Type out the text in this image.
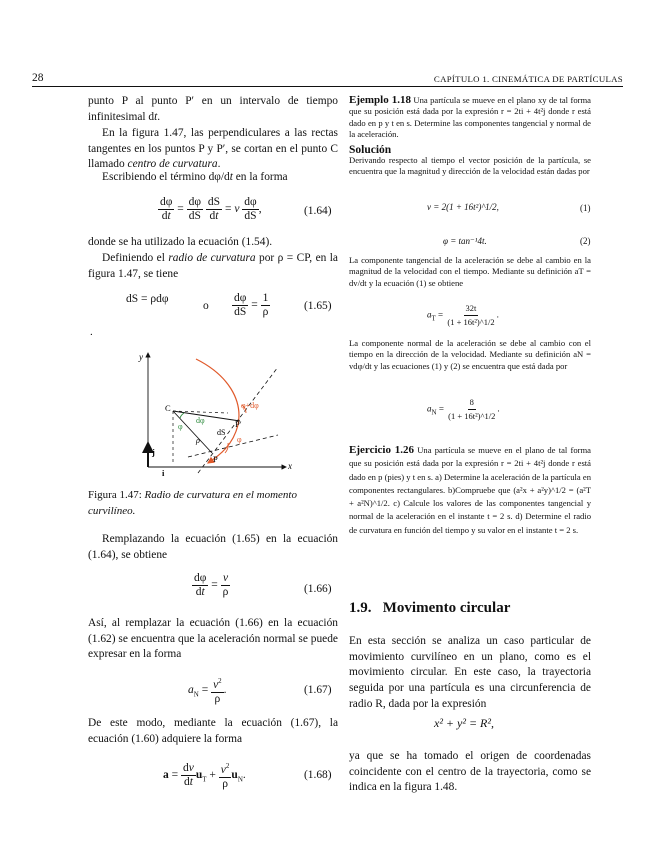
28	CAPÍTULO 1. CINEMÁTICA DE PARTÍCULAS
punto P al punto P′ en un intervalo de tiempo infinitesimal dt.
En la figura 1.47, las perpendiculares a las rectas tangentes en los puntos P y P′, se cortan en el punto C llamado centro de curvatura.
Escribiendo el término dφ/dt en la forma
$\frac{d\varphi}{dt} = \frac{d\varphi}{dS}$
$\frac{dS}{dt} = v \frac{d\varphi}{dS}$ ,	(1.64)
donde se ha utilizado la ecuación (1.54).
Definiendo el radio de curvatura por ρ = CP, en la figura 1.47, se tiene
dS = ρdφ
o $\frac{d\varphi}{dS} = \frac{1}{\rho}$	(1.65)
.
y
x
C
P
P′
φ
dφ
ρ
dS
φ
φ+dφ
j
i
Figura 1.47: Radio de curvatura en el momento curvilíneo.
Remplazando la ecuación (1.65) en la ecuación (1.64), se obtiene
$\frac{d\varphi}{dt} = \frac{v}{\rho}$	(1.66)
Así, al remplazar la ecuación (1.66) en la ecuación (1.62) se encuentra que la aceleración normal se puede expresar en la forma
$a_N = \frac{v^2}{\rho}$ .	(1.67)
De este modo, mediante la ecuación (1.67), la ecuación (1.60) adquiere la forma
$a = \frac{dv}{dt} u_T + \frac{v^2}{\rho} u_N$.	(1.68)
Ejemplo 1.18 Una partícula se mueve en el plano xy de tal forma que su posición está dada por la expresión r = 2ti + 4t²j donde r está dado en p y t en s. Determine las componentes tangencial y normal de la aceleración.
Solución
Derivando respecto al tiempo el vector posición de la partícula, se encuentra que la magnitud y dirección de la velocidad están dadas por
v = 2(1 + 16t²)^1/2,	(1)
φ = tan⁻¹4t.	(2)
La componente tangencial de la aceleración se debe al cambio en la magnitud de la velocidad con el tiempo. Mediante su definición aT = dv/dt y la ecuación (1) se obtiene
$a_T = \frac{32t}{\text{(1 + 16t²)\textasciicircum{}1/2}}$ .
La componente normal de la aceleración se debe al cambio con el tiempo en la dirección de la velocidad. Mediante su definición aN = vdφ/dt y las ecuaciones (1) y (2) se encuentra que está dada por
$a_N = \frac{8}{\text{(1 + 16t²)\textasciicircum{}1/2}}$ .
Ejercicio 1.26 Una partícula se mueve en el plano de tal forma que su posición está dada por la expresión r = 2ti + 4t²j donde r está dado en p (pies) y t en s. a) Determine la aceleración de la partícula en componentes rectangulares. b)Compruebe que (a²x + a²y)^1/2 = (a²T + a²N)^1/2. c) Calcule los valores de las componentes tangencial y normal de la aceleración en el instante t = 2 s. d) Determine el radio de curvatura en función del tiempo y su valor en el instante t = 2 s.
1.9. Movimento circular
En esta sección se analiza un caso particular de movimiento curvilíneo en un plano, como es el movimiento circular. En este caso, la trayectoria seguida por una partícula es una circunferencia de radio R, dada por la expresión
x² + y² = R²,
ya que se ha tomado el origen de coordenadas coincidente con el centro de la trayectoria, como se indica en la figura 1.48.
